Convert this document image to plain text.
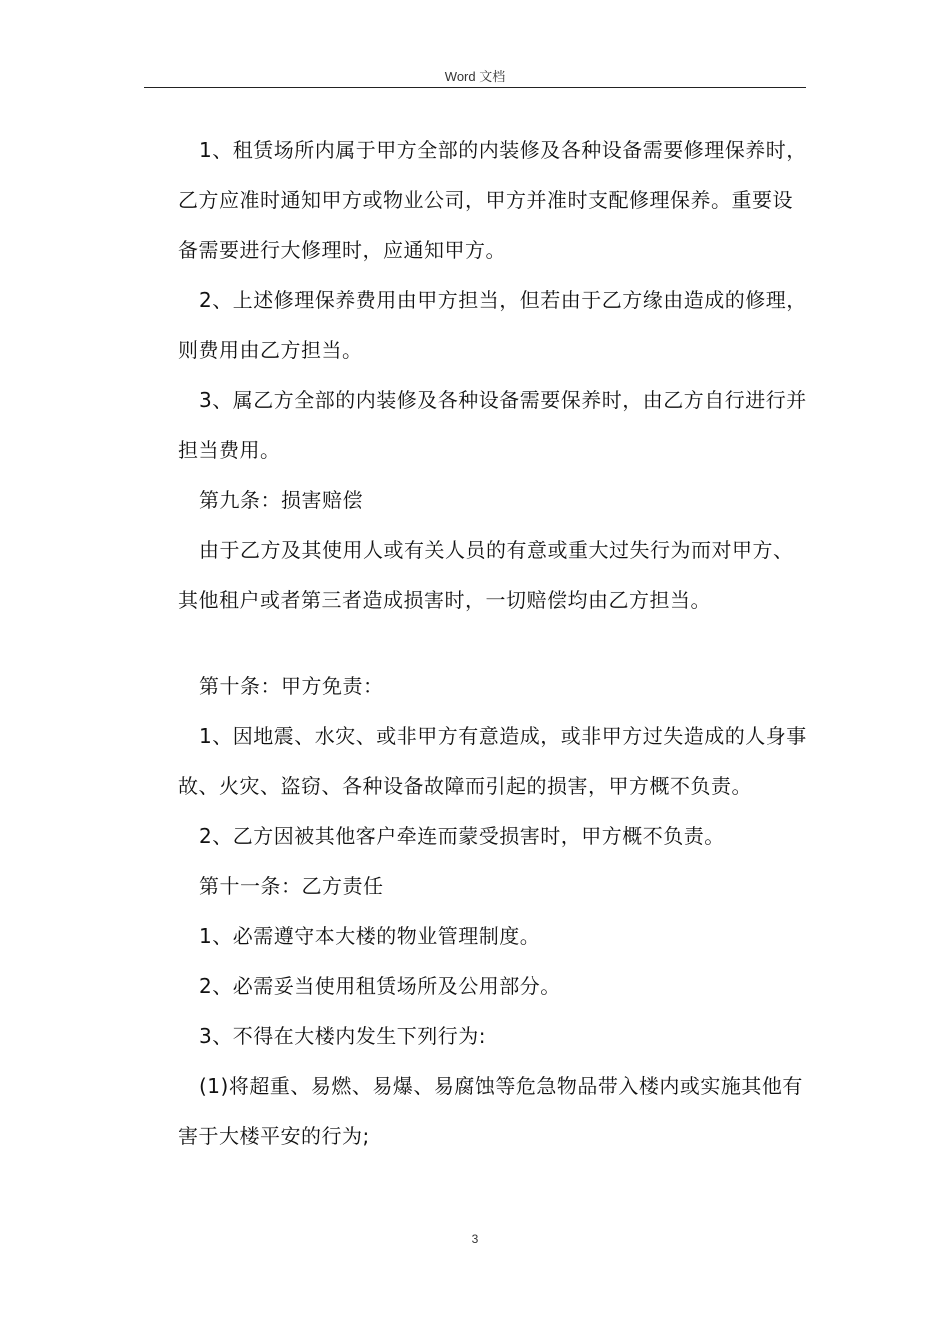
Word 文档

1、租赁场所内属于甲方全部的内装修及各种设备需要修理保养时，乙方应准时通知甲方或物业公司，甲方并准时支配修理保养。重要设备需要进行大修理时，应通知甲方。

2、上述修理保养费用由甲方担当，但若由于乙方缘由造成的修理，则费用由乙方担当。

3、属乙方全部的内装修及各种设备需要保养时，由乙方自行进行并担当费用。

第九条：损害赔偿

由于乙方及其使用人或有关人员的有意或重大过失行为而对甲方、其他租户或者第三者造成损害时，一切赔偿均由乙方担当。

第十条：甲方免责：

1、因地震、水灾、或非甲方有意造成，或非甲方过失造成的人身事故、火灾、盗窃、各种设备故障而引起的损害，甲方概不负责。

2、乙方因被其他客户牵连而蒙受损害时，甲方概不负责。

第十一条：乙方责任

1、必需遵守本大楼的物业管理制度。

2、必需妥当使用租赁场所及公用部分。

3、不得在大楼内发生下列行为:

(1)将超重、易燃、易爆、易腐蚀等危急物品带入楼内或实施其他有害于大楼平安的行为;

3
